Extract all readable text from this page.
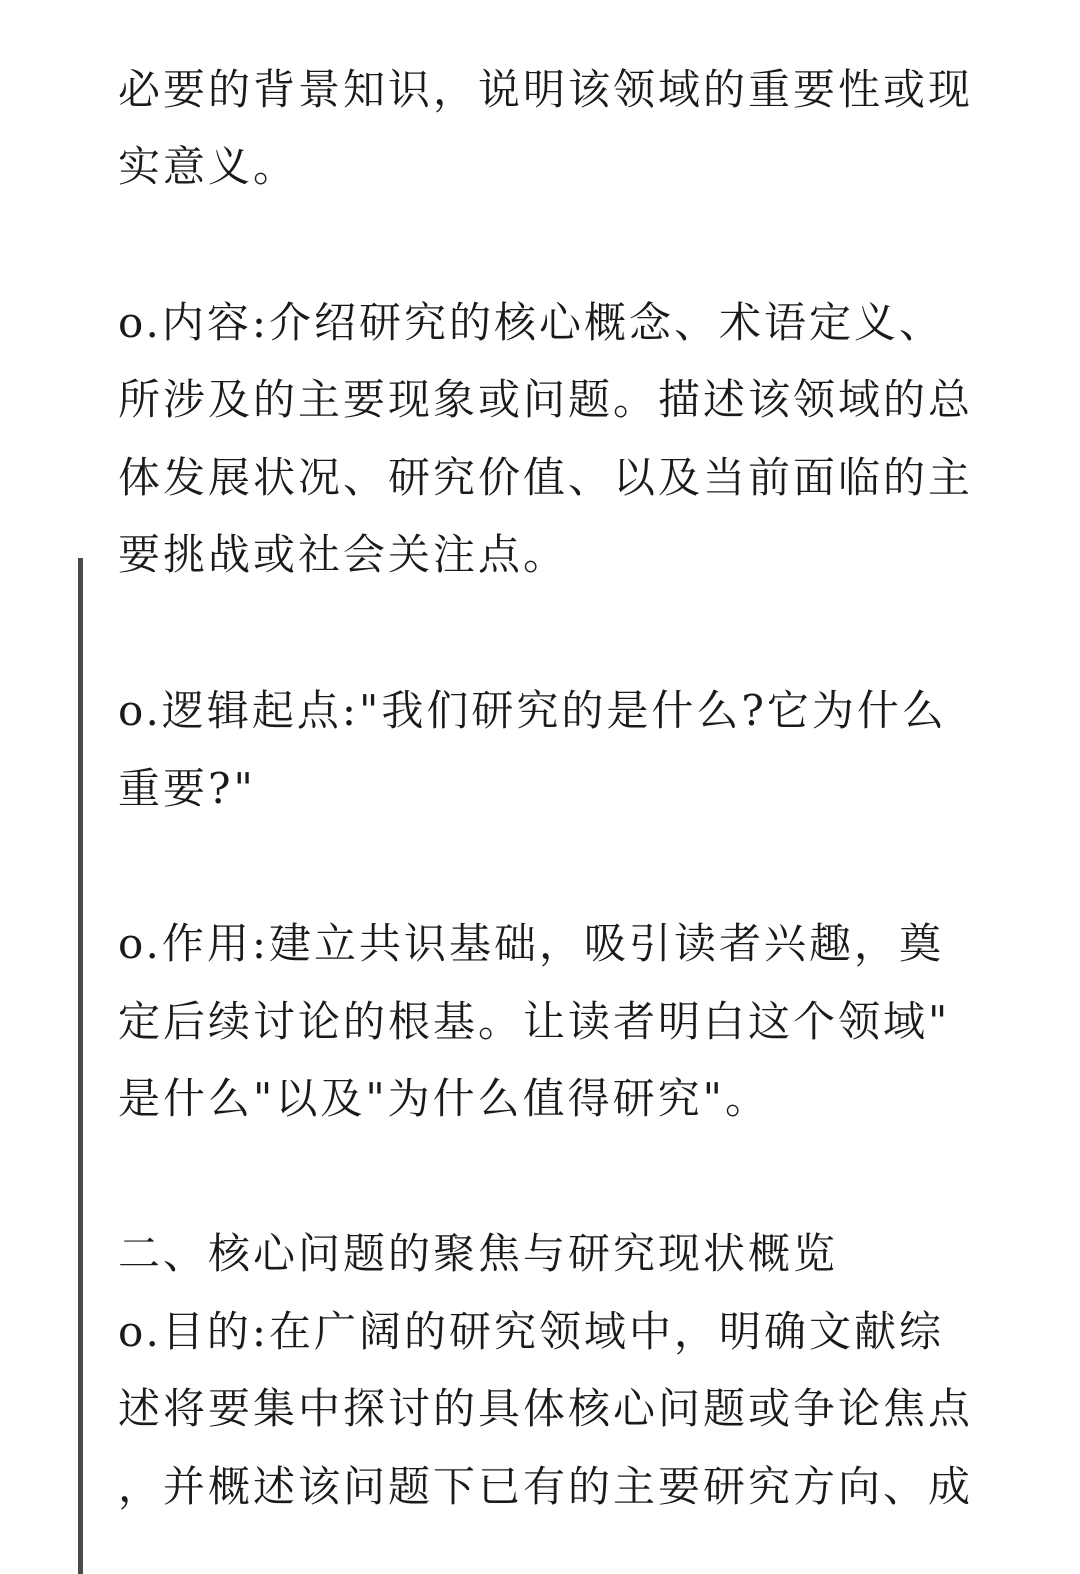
必要的背景知识，说明该领域的重要性或现
实意义。
o.内容:介绍研究的核心概念、术语定义、
所涉及的主要现象或问题。描述该领域的总
体发展状况、研究价值、以及当前面临的主
要挑战或社会关注点。
o.逻辑起点:"我们研究的是什么?它为什么
重要?"
o.作用:建立共识基础，吸引读者兴趣，奠
定后续讨论的根基。让读者明白这个领域"
是什么"以及"为什么值得研究"。
二、核心问题的聚焦与研究现状概览
o.目的:在广阔的研究领域中，明确文献综
述将要集中探讨的具体核心问题或争论焦点
，并概述该问题下已有的主要研究方向、成
